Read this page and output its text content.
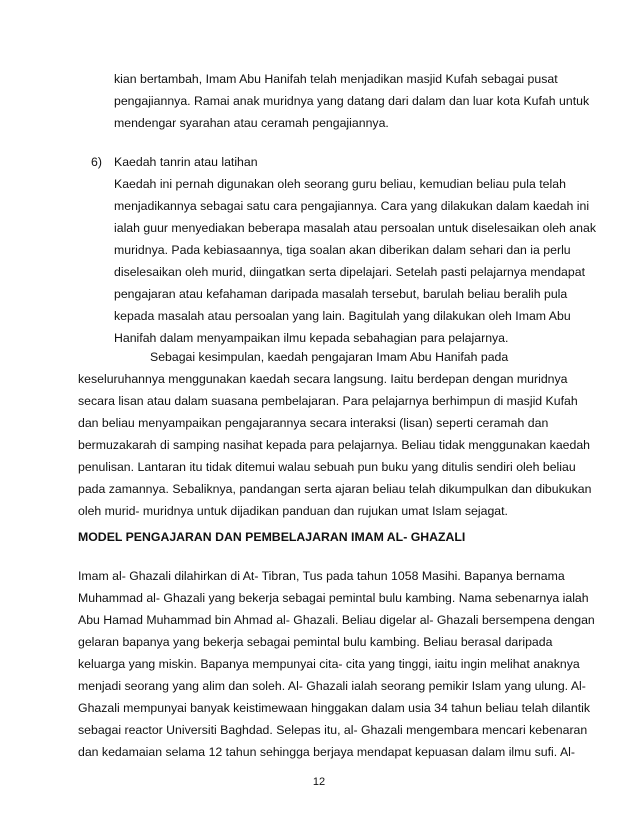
kian bertambah, Imam Abu Hanifah telah menjadikan masjid Kufah sebagai pusat
pengajiannya. Ramai anak muridnya yang datang dari dalam dan luar kota Kufah untuk
mendengar syarahan atau ceramah pengajiannya.
6) Kaedah tanrin atau latihan
Kaedah ini pernah digunakan oleh seorang guru beliau, kemudian beliau pula telah
menjadikannya sebagai satu cara pengajiannya. Cara yang dilakukan dalam kaedah ini
ialah guur menyediakan beberapa masalah atau persoalan untuk diselesaikan oleh anak
muridnya. Pada kebiasaannya, tiga soalan akan diberikan dalam sehari dan ia perlu
diselesaikan oleh murid, diingatkan serta dipelajari. Setelah pasti pelajarnya mendapat
pengajaran atau kefahaman daripada masalah tersebut, barulah beliau beralih pula
kepada masalah atau persoalan yang lain. Bagitulah yang dilakukan oleh Imam Abu
Hanifah dalam menyampaikan ilmu kepada sebahagian para pelajarnya.
Sebagai kesimpulan, kaedah pengajaran Imam Abu Hanifah pada
keseluruhannya menggunakan kaedah secara langsung. Iaitu berdepan dengan muridnya
secara lisan atau dalam suasana pembelajaran. Para pelajarnya berhimpun di masjid Kufah
dan beliau menyampaikan pengajarannya secara interaksi (lisan) seperti ceramah dan
bermuzakarah di samping nasihat kepada para pelajarnya. Beliau tidak menggunakan kaedah
penulisan. Lantaran itu tidak ditemui walau sebuah pun buku yang ditulis sendiri oleh beliau
pada zamannya. Sebaliknya, pandangan serta ajaran beliau telah dikumpulkan dan dibukukan
oleh murid- muridnya untuk dijadikan panduan dan rujukan umat Islam sejagat.
MODEL PENGAJARAN DAN PEMBELAJARAN IMAM AL- GHAZALI
Imam al- Ghazali dilahirkan di At- Tibran, Tus pada tahun 1058 Masihi. Bapanya bernama
Muhammad al- Ghazali yang bekerja sebagai pemintal bulu kambing. Nama sebenarnya ialah
Abu Hamad Muhammad bin Ahmad al- Ghazali. Beliau digelar al- Ghazali bersempena dengan
gelaran bapanya yang bekerja sebagai pemintal bulu kambing. Beliau berasal daripada
keluarga yang miskin. Bapanya mempunyai cita- cita yang tinggi, iaitu ingin melihat anaknya
menjadi seorang yang alim dan soleh. Al- Ghazali ialah seorang pemikir Islam yang ulung. Al-
Ghazali mempunyai banyak keistimewaan hinggakan dalam usia 34 tahun beliau telah dilantik
sebagai reactor Universiti Baghdad. Selepas itu, al- Ghazali mengembara mencari kebenaran
dan kedamaian selama 12 tahun sehingga berjaya mendapat kepuasan dalam ilmu sufi. Al-
12
